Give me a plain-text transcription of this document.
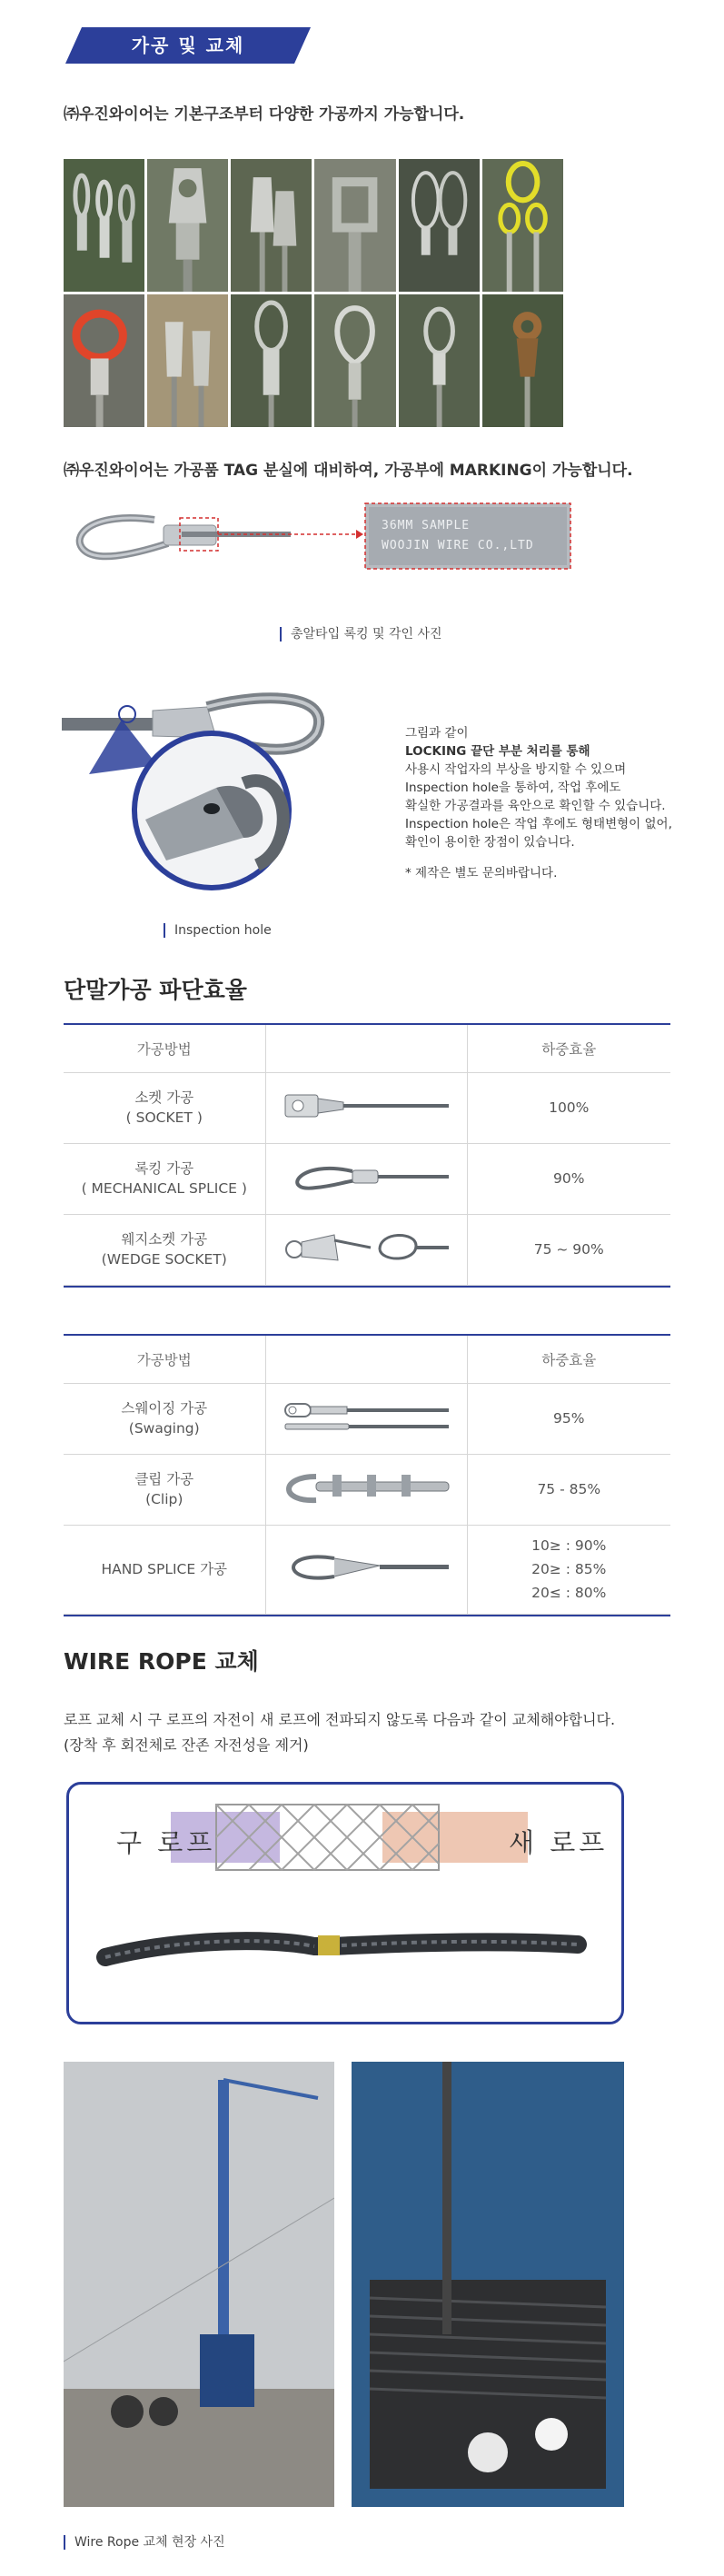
가공 및 교체
㈜우진와이어는 기본구조부터 다양한 가공까지 가능합니다.
㈜우진와이어는 가공품 TAG 분실에 대비하여, 가공부에 MARKING이 가능합니다.
36MM SAMPLE
WOOJIN WIRE CO.,LTD
총알타입 록킹 및 각인 사진

그림과 같이

LOCKING 끝단 부분 처리를 통해

사용시 작업자의 부상을 방지할 수 있으며

Inspection hole을 통하여, 작업 후에도

확실한 가공결과를 육안으로 확인할 수 있습니다.

Inspection hole은 작업 후에도 형태변형이 없어,

확인이 용이한 장점이 있습니다.

* 제작은 별도 문의바랍니다.

Inspection hole
단말가공 파단효율
가공방법		하중효율

소켓 가공
( SOCKET )		100%

록킹 가공
( MECHANICAL SPLICE )		90%

웨지소켓 가공
(WEDGE SOCKET)		75 ~ 90%
가공방법		하중효율

스웨이징 가공
(Swaging)		95%

클립 가공
(Clip)		75 - 85%
HAND SPLICE 가공		10≥ : 90%
20≥ : 85%
20≤ : 80%
WIRE ROPE 교체
로프 교체 시 구 로프의 자전이 새 로프에 전파되지 않도록 다음과 같이 교체해야합니다.
(장착 후 회전체로 잔존 자전성을 제거)
구 로프	새 로프
Wire Rope 교체 현장 사진
